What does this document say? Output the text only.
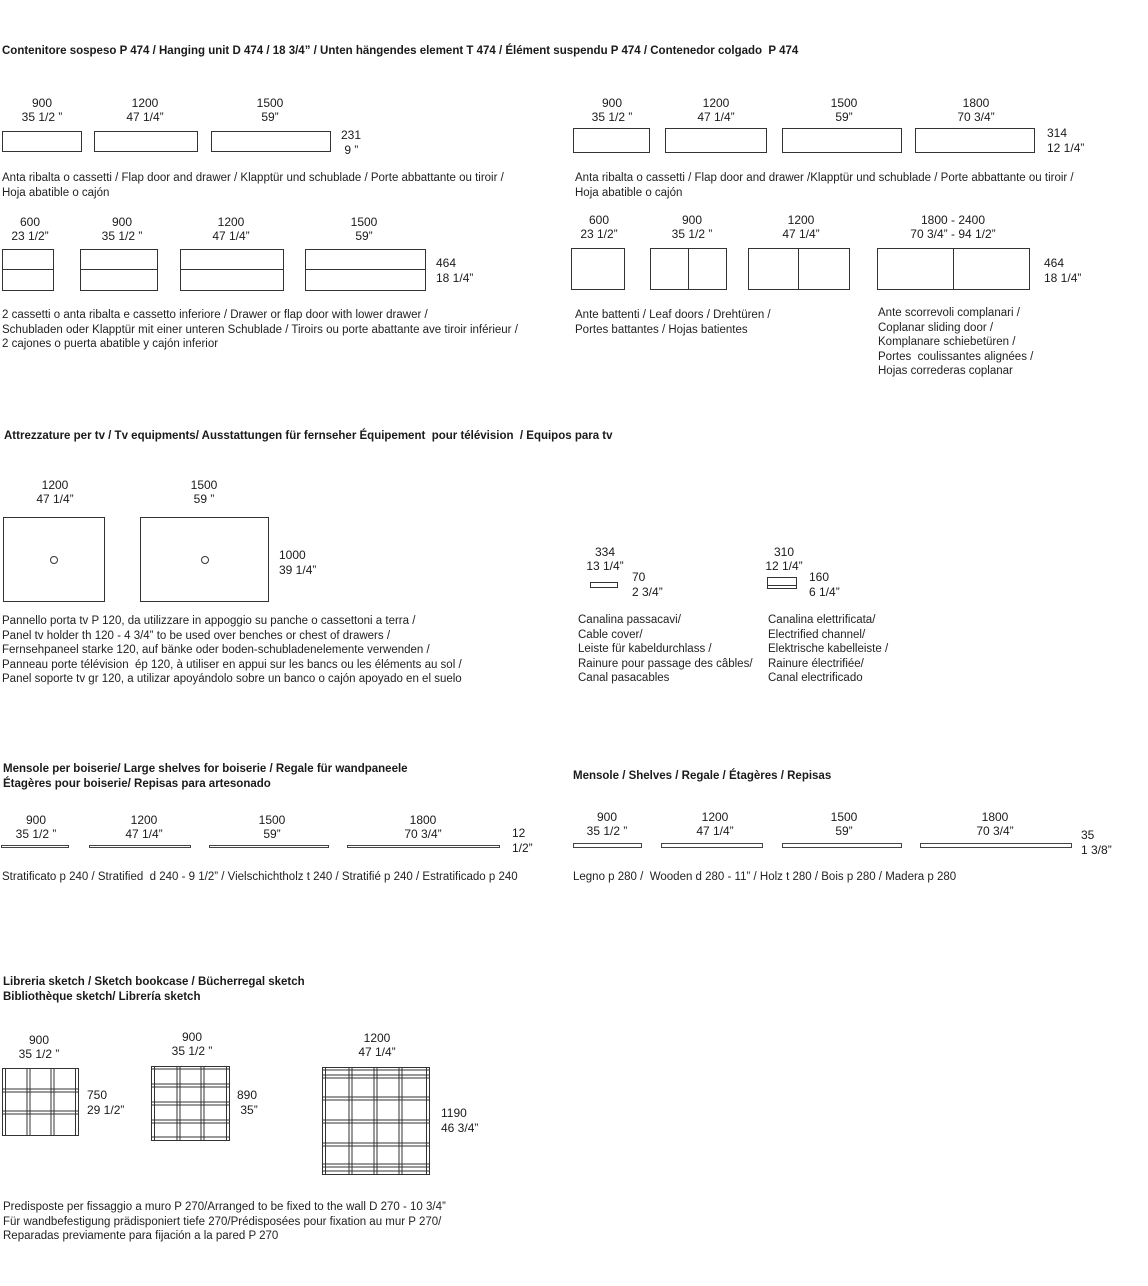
Contenitore sospeso P 474 / Hanging unit D 474 / 18 3/4” / Unten hängendes element T 474 / Élément suspendu P 474 / Contenedor colgado  P 474
900
35 1/2 ”
1200
47 1/4”
1500
59”
231
9 ”
Anta ribalta o cassetti / Flap door and drawer / Klapptür und schublade / Porte abbattante ou tiroir /
Hoja abatible o cajón
600
23 1/2”
900
35 1/2 ”
1200
47 1/4”
1500
59”
464
18 1/4”
2 cassetti o anta ribalta e cassetto inferiore / Drawer or flap door with lower drawer /
Schubladen oder Klapptür mit einer unteren Schublade / Tiroirs ou porte abattante ave tiroir inférieur /
2 cajones o puerta abatible y cajón inferior
900
35 1/2 ”
1200
47 1/4”
1500
59”
1800
70 3/4”
314
12 1/4”
Anta ribalta o cassetti / Flap door and drawer /Klapptür und schublade / Porte abbattante ou tiroir /
Hoja abatible o cajón
600
23 1/2”
900
35 1/2 ”
1200
47 1/4”
1800 - 2400
70 3/4” - 94 1/2”
464
18 1/4”
Ante battenti / Leaf doors / Drehtüren /
Portes battantes / Hojas batientes
Ante scorrevoli complanari /
Coplanar sliding door /
Komplanare schiebetüren /
Portes  coulissantes alignées /
Hojas correderas coplanar
Attrezzature per tv / Tv equipments/ Ausstattungen für fernseher Équipement  pour télévision  / Equipos para tv
1200
47 1/4”
1500
59 ”
1000
39 1/4”
Pannello porta tv P 120, da utilizzare in appoggio su panche o cassettoni a terra /
Panel tv holder th 120 - 4 3/4” to be used over benches or chest of drawers /
Fernsehpaneel starke 120, auf bänke oder boden-schubladenelemente verwenden /
Panneau porte télévision  ép 120, à utiliser en appui sur les bancs ou les éléments au sol /
Panel soporte tv gr 120, a utilizar apoyándolo sobre un banco o cajón apoyado en el suelo
334
13 1/4”
70
2 3/4”
Canalina passacavi/
Cable cover/
Leiste für kabeldurchlass /
Rainure pour passage des câbles/
Canal pasacables
310
12 1/4”
160
6 1/4”
Canalina elettrificata/
Electrified channel/
Elektrische kabelleiste /
Rainure électrifiée/
Canal electrificado
Mensole per boiserie/ Large shelves for boiserie / Regale für wandpaneele
Étagères pour boiserie/ Repisas para artesonado
900
35 1/2 ”
1200
47 1/4”
1500
59”
1800
70 3/4”	12
1/2”
Stratificato p 240 / Stratified  d 240 - 9 1/2” / Vielschichtholz t 240 / Stratifié p 240 / Estratificado p 240
Mensole / Shelves / Regale / Étagères / Repisas
900
35 1/2 ”
1200
47 1/4”
1500
59”
1800
70 3/4”	35
1 3/8”
Legno p 280 /  Wooden d 280 - 11” / Holz t 280 / Bois p 280 / Madera p 280
Libreria sketch / Sketch bookcase / Bücherregal sketch
Bibliothèque sketch/ Librería sketch
900
35 1/2 ”
900
35 1/2 ”
1200
47 1/4”
750
29 1/2”
890
35”	1190
46 3/4”
Predisposte per fissaggio a muro P 270/Arranged to be fixed to the wall D 270 - 10 3/4”
Für wandbefestigung prädisponiert tiefe 270/Prédisposées pour fixation au mur P 270/
Reparadas previamente para fijación a la pared P 270
